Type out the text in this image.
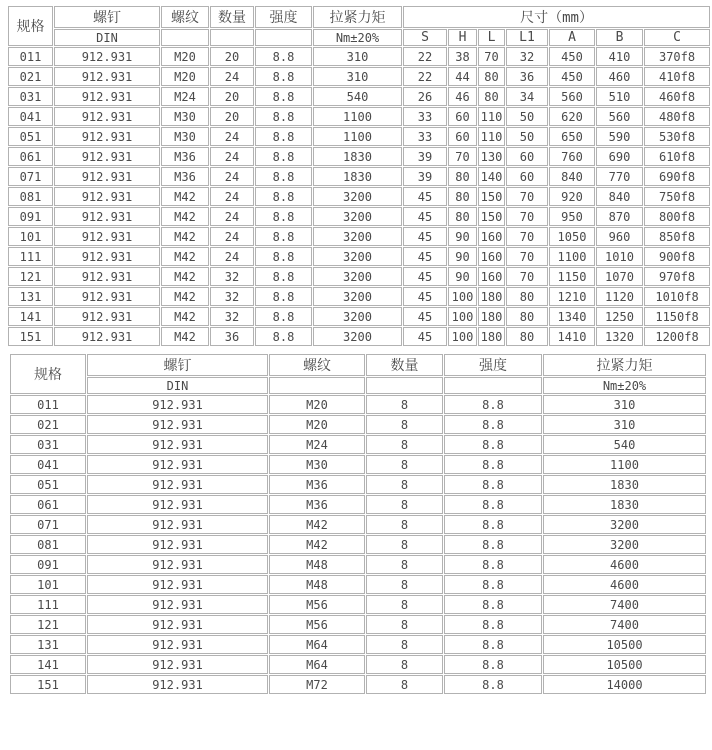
规格	螺钉	螺纹	数量	强度	拉紧力矩	尺寸（mm）						
	DIN				Nm±20%	S	H	L	L1	A	B	C
011	912.931	M20	20	8.8	310	22	38	70	32	450	410	370f8
021	912.931	M20	24	8.8	310	22	44	80	36	450	460	410f8
031	912.931	M24	20	8.8	540	26	46	80	34	560	510	460f8
041	912.931	M30	20	8.8	1100	33	60	110	50	620	560	480f8
051	912.931	M30	24	8.8	1100	33	60	110	50	650	590	530f8
061	912.931	M36	24	8.8	1830	39	70	130	60	760	690	610f8
071	912.931	M36	24	8.8	1830	39	80	140	60	840	770	690f8
081	912.931	M42	24	8.8	3200	45	80	150	70	920	840	750f8
091	912.931	M42	24	8.8	3200	45	80	150	70	950	870	800f8
101	912.931	M42	24	8.8	3200	45	90	160	70	1050	960	850f8
111	912.931	M42	24	8.8	3200	45	90	160	70	1100	1010	900f8
121	912.931	M42	32	8.8	3200	45	90	160	70	1150	1070	970f8
131	912.931	M42	32	8.8	3200	45	100	180	80	1210	1120	1010f8
141	912.931	M42	32	8.8	3200	45	100	180	80	1340	1250	1150f8
151	912.931	M42	36	8.8	3200	45	100	180	80	1410	1320	1200f8
规格	螺钉	螺纹	数量	强度	拉紧力矩
	DIN				Nm±20%
011	912.931	M20	8	8.8	310
021	912.931	M20	8	8.8	310
031	912.931	M24	8	8.8	540
041	912.931	M30	8	8.8	1100
051	912.931	M36	8	8.8	1830
061	912.931	M36	8	8.8	1830
071	912.931	M42	8	8.8	3200
081	912.931	M42	8	8.8	3200
091	912.931	M48	8	8.8	4600
101	912.931	M48	8	8.8	4600
111	912.931	M56	8	8.8	7400
121	912.931	M56	8	8.8	7400
131	912.931	M64	8	8.8	10500
141	912.931	M64	8	8.8	10500
151	912.931	M72	8	8.8	14000
